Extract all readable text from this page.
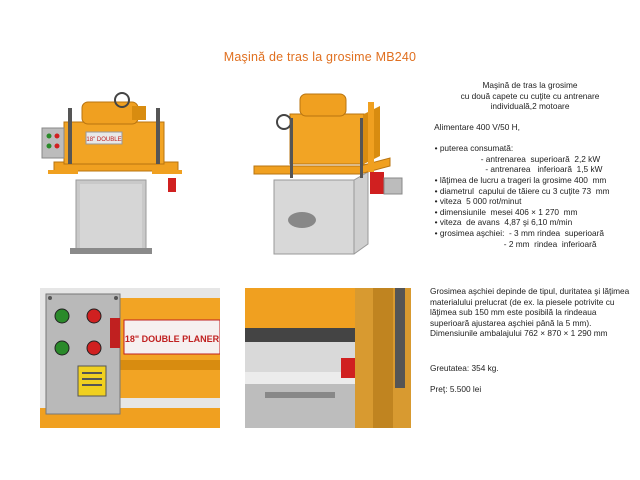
Maşină de tras la grosime MB240
18" DOUBLE
18" DOUBLE PLANER
Maşină de tras la grosime
cu două capete cu cuţite cu antrenare
individuală,2 motoare
Alimentare 400 V/50 H,

• puterea consumată:
- antrenarea  superioară  2,2 kW
- antrenarea   inferioară  1,5 kW
• lăţimea de lucru a trageri la grosime 400  mm
• diametrul  capului de tăiere cu 3 cuţite 73  mm
• viteza  5 000 rot/minut
• dimensiunile  mesei 406 × 1 270  mm
• viteza  de avans  4,87 şi 6,10 m/min
• grosimea aşchiei:  - 3 mm rindea  superioară
- 2 mm  rindea  inferioară
Grosimea aşchiei depinde de tipul, duritatea şi lăţimea materialului prelucrat (de ex. la piesele potrivite cu lăţimea sub 150 mm este posibilă la rindeaua superioară ajustarea aşchiei până la 5 mm).
Dimensiunile ambalajului 762 × 870 × 1 290 mm
Greutatea: 354 kg.
Preţ: 5.500 lei
